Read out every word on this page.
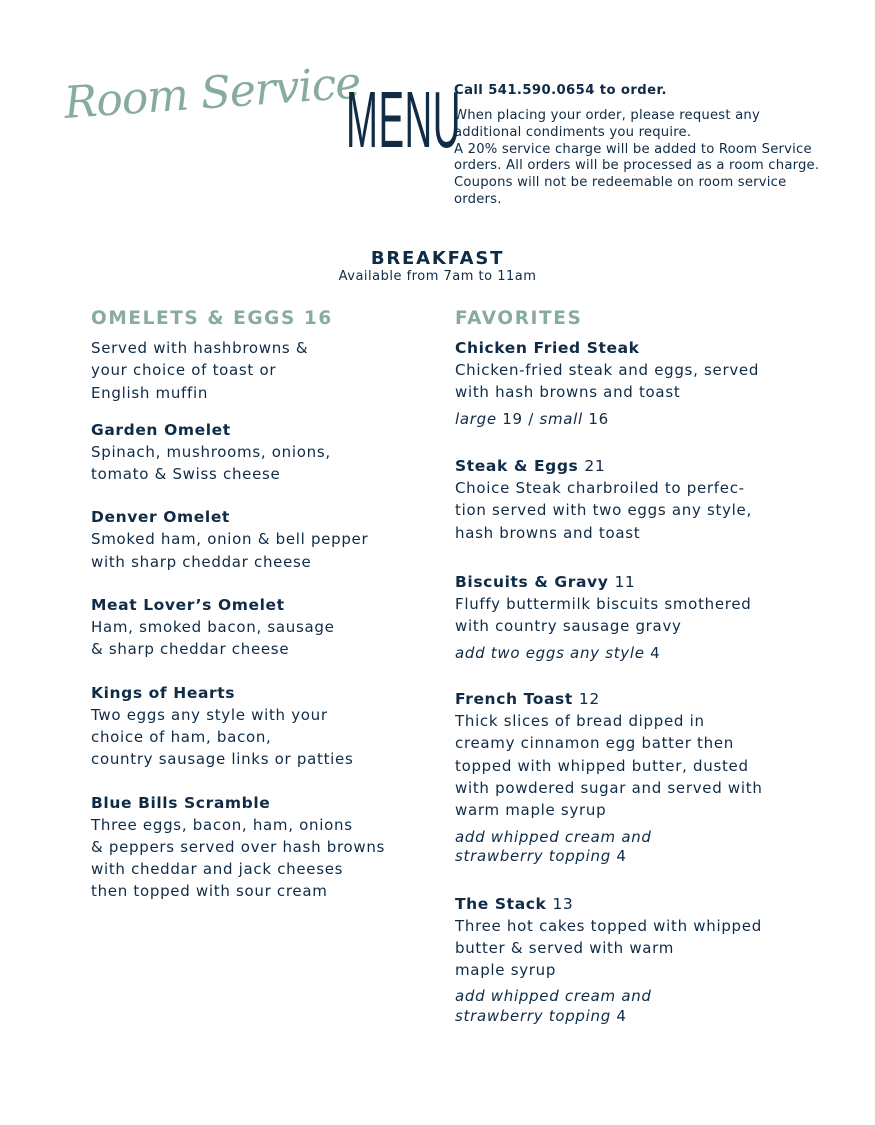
Room Service
MENU
Call 541.590.0654 to order.
When placing your order, please request any
additional condiments you require.
A 20% service charge will be added to Room Service
orders. All orders will be processed as a room charge.
Coupons will not be redeemable on room service
orders.
BREAKFAST
Available from 7am to 11am
OMELETS & EGGS 16
Served with hashbrowns &
your choice of toast or
English muffin
Garden Omelet
Spinach, mushrooms, onions,
tomato & Swiss cheese
Denver Omelet
Smoked ham, onion & bell pepper
with sharp cheddar cheese
Meat Lover’s Omelet
Ham, smoked bacon, sausage
& sharp cheddar cheese
Kings of Hearts
Two eggs any style with your
choice of ham, bacon,
country sausage links or patties
Blue Bills Scramble
Three eggs, bacon, ham, onions
& peppers served over hash browns
with cheddar and jack cheeses
then topped with sour cream
FAVORITES
Chicken Fried Steak
Chicken-fried steak and eggs, served
with hash browns and toast
large 19 / small 16
Steak & Eggs 21
Choice Steak charbroiled to perfec-
tion served with two eggs any style,
hash browns and toast
Biscuits & Gravy 11
Fluffy buttermilk biscuits smothered
with country sausage gravy
add two eggs any style 4
French Toast 12
Thick slices of bread dipped in
creamy cinnamon egg batter then
topped with whipped butter, dusted
with powdered sugar and served with
warm maple syrup
add whipped cream and
strawberry topping 4
The Stack 13
Three hot cakes topped with whipped
butter & served with warm
maple syrup
add whipped cream and
strawberry topping 4
